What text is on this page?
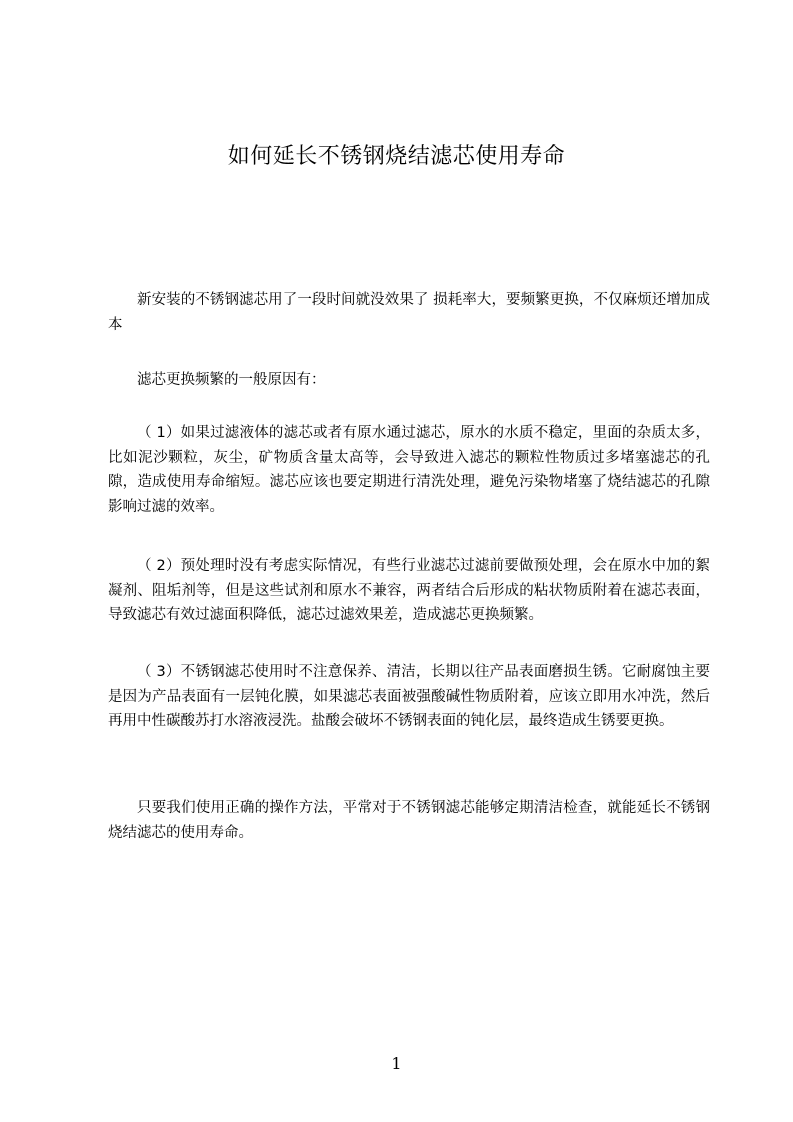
如何延长不锈钢烧结滤芯使用寿命

新安装的不锈钢滤芯用了一段时间就没效果了 损耗率大，要频繁更换，不仅麻烦还增加成本

滤芯更换频繁的一般原因有：

（ 1）如果过滤液体的滤芯或者有原水通过滤芯，原水的水质不稳定，里面的杂质太多，比如泥沙颗粒，灰尘，矿物质含量太高等，会导致进入滤芯的颗粒性物质过多堵塞滤芯的孔隙，造成使用寿命缩短。滤芯应该也要定期进行清洗处理，避免污染物堵塞了烧结滤芯的孔隙影响过滤的效率。

（ 2）预处理时没有考虑实际情况，有些行业滤芯过滤前要做预处理，会在原水中加的絮凝剂、阻垢剂等，但是这些试剂和原水不兼容，两者结合后形成的粘状物质附着在滤芯表面，导致滤芯有效过滤面积降低，滤芯过滤效果差，造成滤芯更换频繁。

（ 3）不锈钢滤芯使用时不注意保养、清洁，长期以往产品表面磨损生锈。它耐腐蚀主要是因为产品表面有一层钝化膜，如果滤芯表面被强酸碱性物质附着，应该立即用水冲洗，然后再用中性碳酸苏打水溶液浸洗。盐酸会破坏不锈钢表面的钝化层，最终造成生锈要更换。

只要我们使用正确的操作方法，平常对于不锈钢滤芯能够定期清洁检查，就能延长不锈钢烧结滤芯的使用寿命。

1
